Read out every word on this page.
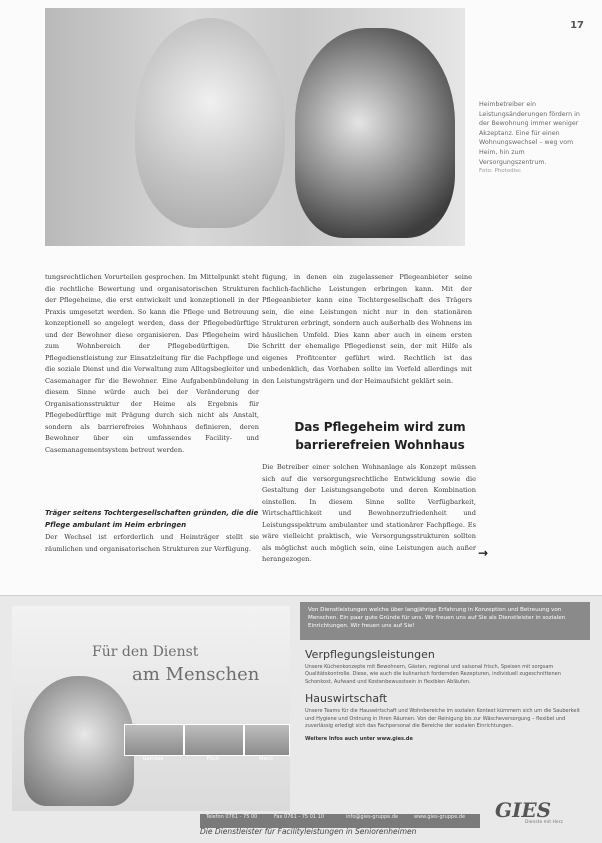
17
Heimbetreiber ein Leistungsänderungen fördern in der Bewohnung immer weniger Akzeptanz. Eine für einen Wohnungswechsel – weg vom Heim, hin zum Versorgungszentrum.
Foto: Photodisc

tungsrechtlichen Vorurteilen gesprochen. Im Mittelpunkt steht die rechtliche Bewertung und organisatorischen Strukturen der Pflegeheime, die erst entwickelt und konzeptionell in der Praxis umgesetzt werden. So kann die Pflege und Betreuung konzeptionell so angelegt werden, dass der Pflegebedürftige und der Bewohner diese organisieren. Das Pflegeheim wird zum Wohnbereich der Pflegebedürftigen. Die Pflegedienstleistung zur Einsatzleitung für die Fachpflege und die soziale Dienst und die Verwaltung zum Alltagsbegleiter und Casemanager für die Bewohner. Eine Aufgabenbündelung in diesem Sinne würde auch bei der Veränderung der Organisationsstruktur der Heime als Ergebnis für Pflegebedürftige mit Prägung durch sich nicht als Anstalt, sondern als barrierefreies Wohnhaus definieren, deren Bewohner über ein umfassendes Facility- und Casemanagementsystem betreut werden.

Träger seitens Tochtergesellschaften gründen, die die Pflege ambulant im Heim erbringen

Der Wechsel ist erforderlich und Heimträger stellt sie räumlichen und organisatorischen Strukturen zur Verfügung.

fügung, in denen ein zugelassener Pflegeanbieter seine fachlich-fachliche Leistungen erbringen kann. Mit der Pflegeanbieter kann eine Tochtergesellschaft des Trägers sein, die eine Leistungen nicht nur in den stationären Strukturen erbringt, sondern auch außerhalb des Wohnens im häuslichen Umfeld. Dies kann aber auch in einem ersten Schritt der ehemalige Pflegedienst sein, der mit Hilfe als eigenes Profitcenter geführt wird. Rechtlich ist das unbedenklich, das Vorhaben sollte im Vorfeld allerdings mit den Leistungsträgern und der Heimaufsicht geklärt sein.

Das Pflegeheim wird zum barrierefreien Wohnhaus

Die Betreiber einer solchen Wohnanlage als Konzept müssen sich auf die versorgungsrechtliche Entwicklung sowie die Gestaltung der Leistungsangebote und deren Kombination einstellen. In diesem Sinne sollte Verfügbarkeit, Wirtschaftlichkeit und Bewohnerzufriedenheit und Leistungsspektrum ambulanter und stationärer Fachpflege. Es wäre vielleicht praktisch, wie Versorgungsstrukturen sollten als möglichst auch möglich sein, eine Leistungen auch außer herangezogen.	→
Für den Dienst
am Menschen
Gemüse	Fisch	Menü
Von Dienstleistungen welche über langjährige Erfahrung in Konzeption und Betreuung von Menschen. Ein paar gute Gründe für uns. Wir freuen uns auf Sie als Dienstleister in sozialen Einrichtungen. Wir freuen uns auf Sie!
Verpflegungsleistungen

Unsere Küchenkonzepte mit Bewohnern, Gästen, regional und saisonal frisch, Speisen mit sorgsam Qualitätskontrolle. Diese, wie auch die kulinarisch fordernden Rezepturen, individuell zugeschnittenen Schonkost, Aufwand und Kostenbewusstsein in flexiblen Abläufen.

Hauswirtschaft

Unsere Teams für die Hauswirtschaft und Wohnbereiche im sozialen Kontext kümmern sich um die Sauberkeit und Hygiene und Ordnung in Ihren Räumen. Von der Reinigung bis zur Wäscheversorgung – flexibel und zuverlässig erledigt sich das Fachpersonal die Bereiche der sozialen Einrichtungen.

Weitere Infos auch unter www.gies.de

Telefon 0761 - 75 00	Fax 0761 - 75 01 10	info@gies-gruppe.de	www.gies-gruppe.de
Die Dienstleister für Facilityleistungen in Seniorenheimen
GIES
Dienste mit Herz
